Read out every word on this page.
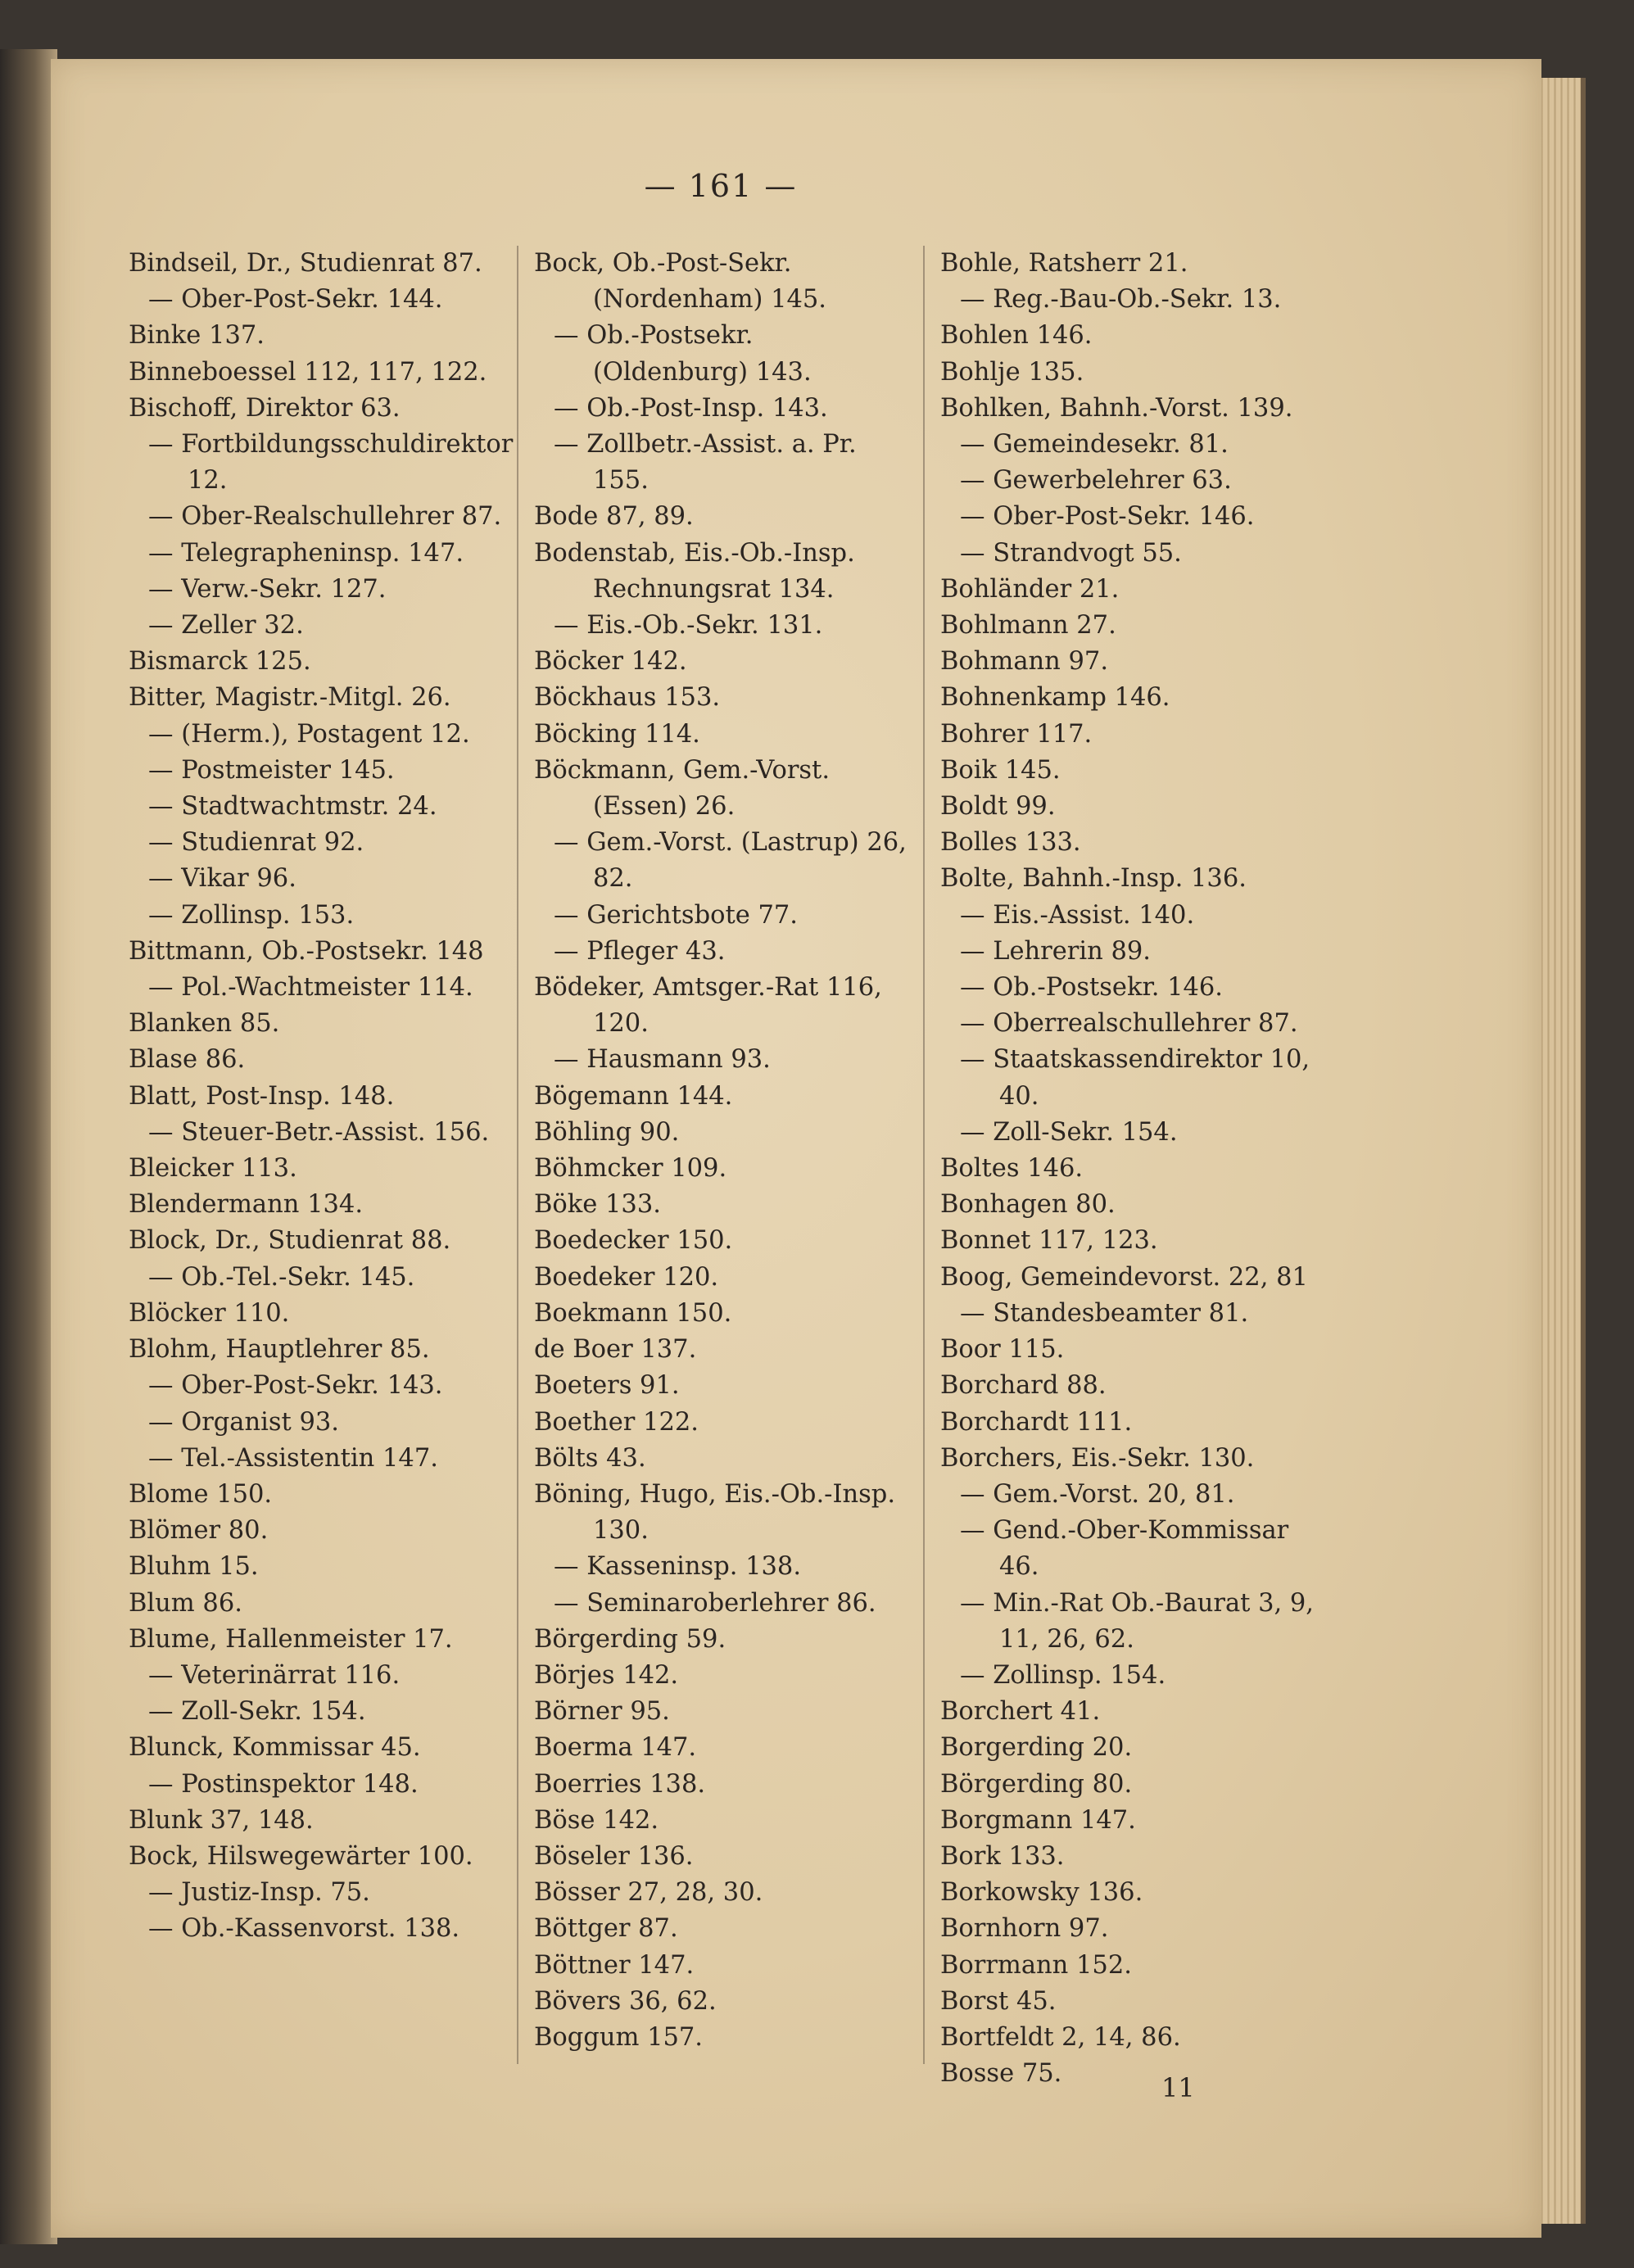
— 161 —
Bindseil, Dr., Studienrat 87.
— Ober-Post-Sekr. 144.
Binke 137.
Binneboessel 112, 117, 122.
Bischoff, Direktor 63.
— Fortbildungsschuldirektor 12.
— Ober-Realschullehrer 87.
— Telegrapheninsp. 147.
— Verw.-Sekr. 127.
— Zeller 32.
Bismarck 125.
Bitter, Magistr.-Mitgl. 26.
— (Herm.), Postagent 12.
— Postmeister 145.
— Stadtwachtmstr. 24.
— Studienrat 92.
— Vikar 96.
— Zollinsp. 153.
Bittmann, Ob.-Postsekr. 148
— Pol.-Wachtmeister 114.
Blanken 85.
Blase 86.
Blatt, Post-Insp. 148.
— Steuer-Betr.-Assist. 156.
Bleicker 113.
Blendermann 134.
Block, Dr., Studienrat 88.
— Ob.-Tel.-Sekr. 145.
Blöcker 110.
Blohm, Hauptlehrer 85.
— Ober-Post-Sekr. 143.
— Organist 93.
— Tel.-Assistentin 147.
Blome 150.
Blömer 80.
Bluhm 15.
Blum 86.
Blume, Hallenmeister 17.
— Veterinärrat 116.
— Zoll-Sekr. 154.
Blunck, Kommissar 45.
— Postinspektor 148.
Blunk 37, 148.
Bock, Hilswegewärter 100.
— Justiz-Insp. 75.
— Ob.-Kassenvorst. 138.
Bock, Ob.-Post-Sekr. (Nordenham) 145.
— Ob.-Postsekr. (Oldenburg) 143.
— Ob.-Post-Insp. 143.
— Zollbetr.-Assist. a. Pr. 155.
Bode 87, 89.
Bodenstab, Eis.-Ob.-Insp. Rechnungsrat 134.
— Eis.-Ob.-Sekr. 131.
Böcker 142.
Böckhaus 153.
Böcking 114.
Böckmann, Gem.-Vorst. (Essen) 26.
— Gem.-Vorst. (Lastrup) 26, 82.
— Gerichtsbote 77.
— Pfleger 43.
Bödeker, Amtsger.-Rat 116, 120.
— Hausmann 93.
Bögemann 144.
Böhling 90.
Böhmcker 109.
Böke 133.
Boedecker 150.
Boedeker 120.
Boekmann 150.
de Boer 137.
Boeters 91.
Boether 122.
Bölts 43.
Böning, Hugo, Eis.-Ob.-Insp. 130.
— Kasseninsp. 138.
— Seminaroberlehrer 86.
Börgerding 59.
Börjes 142.
Börner 95.
Boerma 147.
Boerries 138.
Böse 142.
Böseler 136.
Bösser 27, 28, 30.
Böttger 87.
Böttner 147.
Bövers 36, 62.
Boggum 157.
Bohle, Ratsherr 21.
— Reg.-Bau-Ob.-Sekr. 13.
Bohlen 146.
Bohlje 135.
Bohlken, Bahnh.-Vorst. 139.
— Gemeindesekr. 81.
— Gewerbelehrer 63.
— Ober-Post-Sekr. 146.
— Strandvogt 55.
Bohländer 21.
Bohlmann 27.
Bohmann 97.
Bohnenkamp 146.
Bohrer 117.
Boik 145.
Boldt 99.
Bolles 133.
Bolte, Bahnh.-Insp. 136.
— Eis.-Assist. 140.
— Lehrerin 89.
— Ob.-Postsekr. 146.
— Oberrealschullehrer 87.
— Staatskassendirektor 10, 40.
— Zoll-Sekr. 154.
Boltes 146.
Bonhagen 80.
Bonnet 117, 123.
Boog, Gemeindevorst. 22, 81
— Standesbeamter 81.
Boor 115.
Borchard 88.
Borchardt 111.
Borchers, Eis.-Sekr. 130.
— Gem.-Vorst. 20, 81.
— Gend.-Ober-Kommissar 46.
— Min.-Rat Ob.-Baurat 3, 9, 11, 26, 62.
— Zollinsp. 154.
Borchert 41.
Borgerding 20.
Börgerding 80.
Borgmann 147.
Bork 133.
Borkowsky 136.
Bornhorn 97.
Borrmann 152.
Borst 45.
Bortfeldt 2, 14, 86.
Bosse 75.	11
